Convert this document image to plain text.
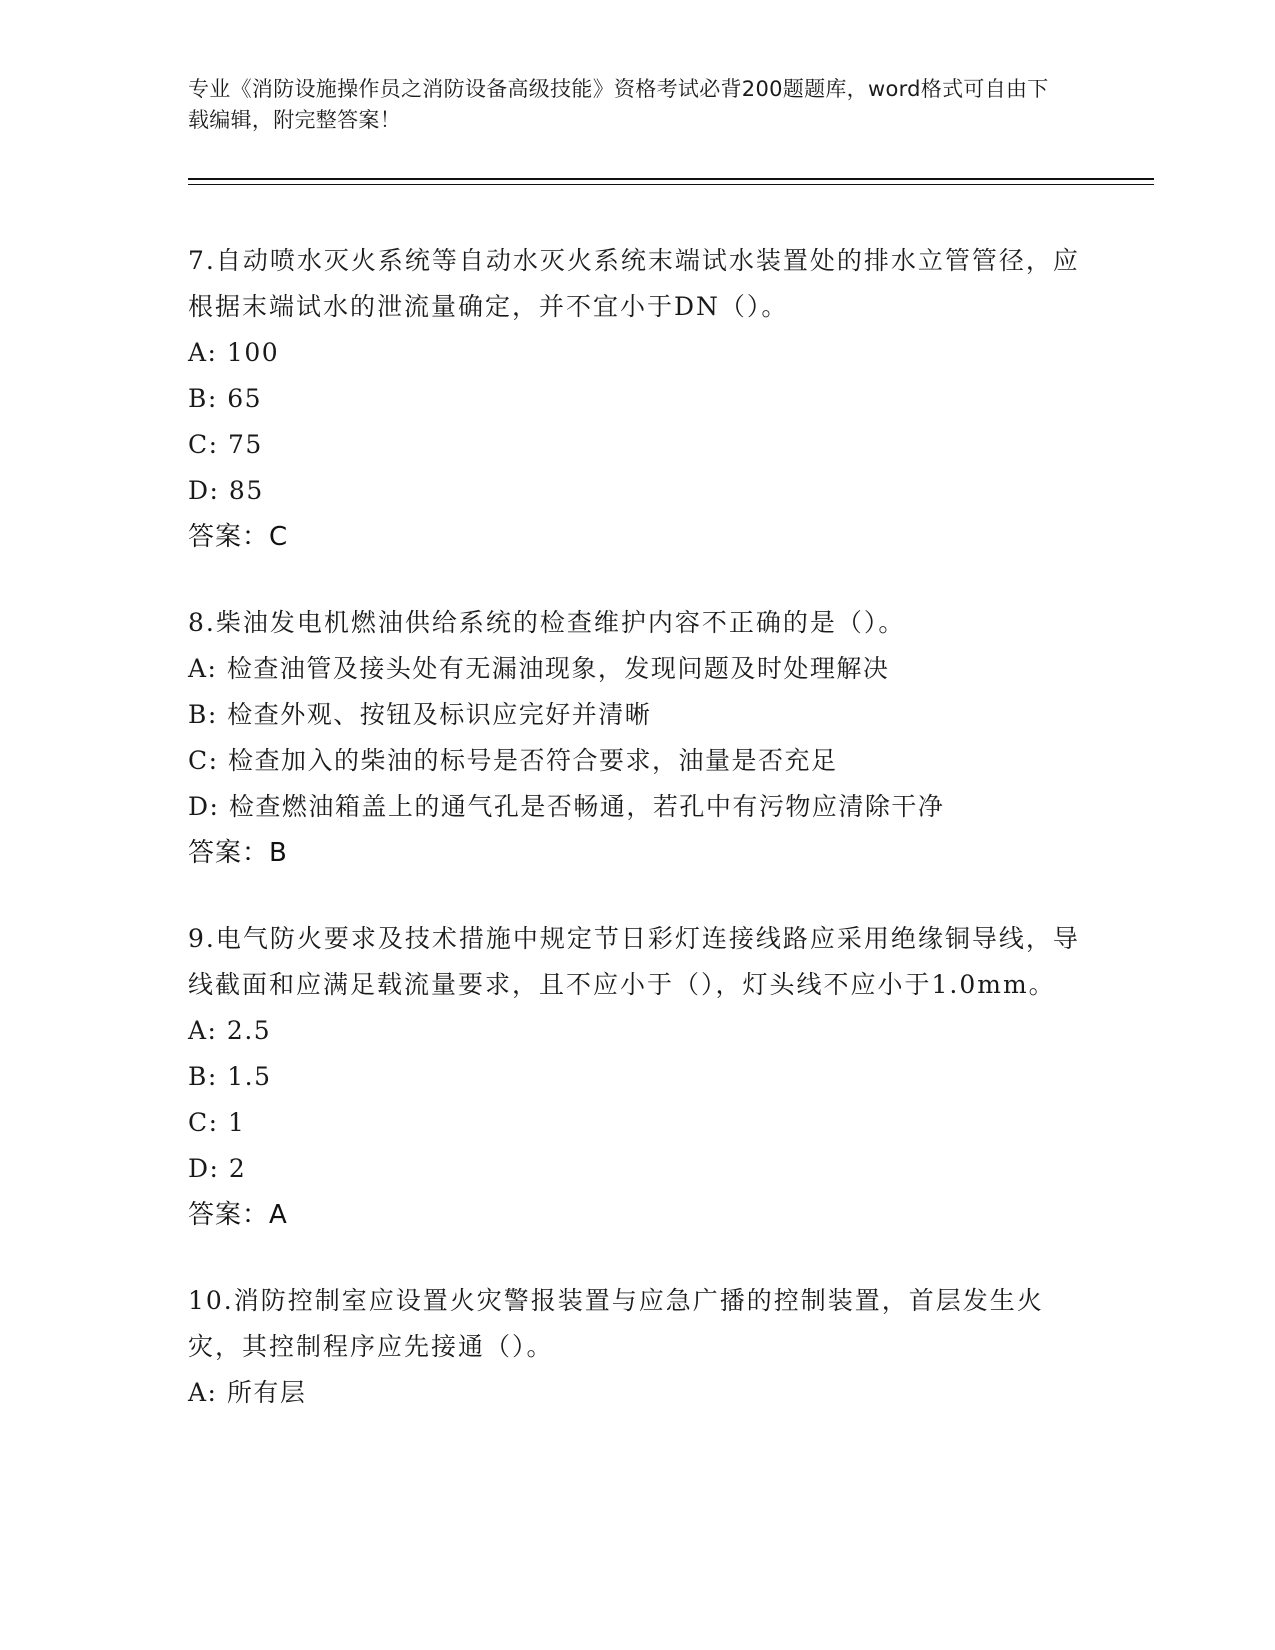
专业《消防设施操作员之消防设备高级技能》资格考试必背200题题库，word格式可自由下载编辑，附完整答案！
7.自动喷水灭火系统等自动水灭火系统末端试水装置处的排水立管管径，应根据末端试水的泄流量确定，并不宜小于DN（）。
A: 100
B: 65
C: 75
D: 85
答案：C
8.柴油发电机燃油供给系统的检查维护内容不正确的是（）。
A: 检查油管及接头处有无漏油现象，发现问题及时处理解决
B: 检查外观、按钮及标识应完好并清晰
C: 检查加入的柴油的标号是否符合要求，油量是否充足
D: 检查燃油箱盖上的通气孔是否畅通，若孔中有污物应清除干净
答案：B
9.电气防火要求及技术措施中规定节日彩灯连接线路应采用绝缘铜导线，导线截面和应满足载流量要求，且不应小于（），灯头线不应小于1.0mm。
A: 2.5
B: 1.5
C: 1
D: 2
答案：A
10.消防控制室应设置火灾警报装置与应急广播的控制装置，首层发生火灾，其控制程序应先接通（）。
A: 所有层
